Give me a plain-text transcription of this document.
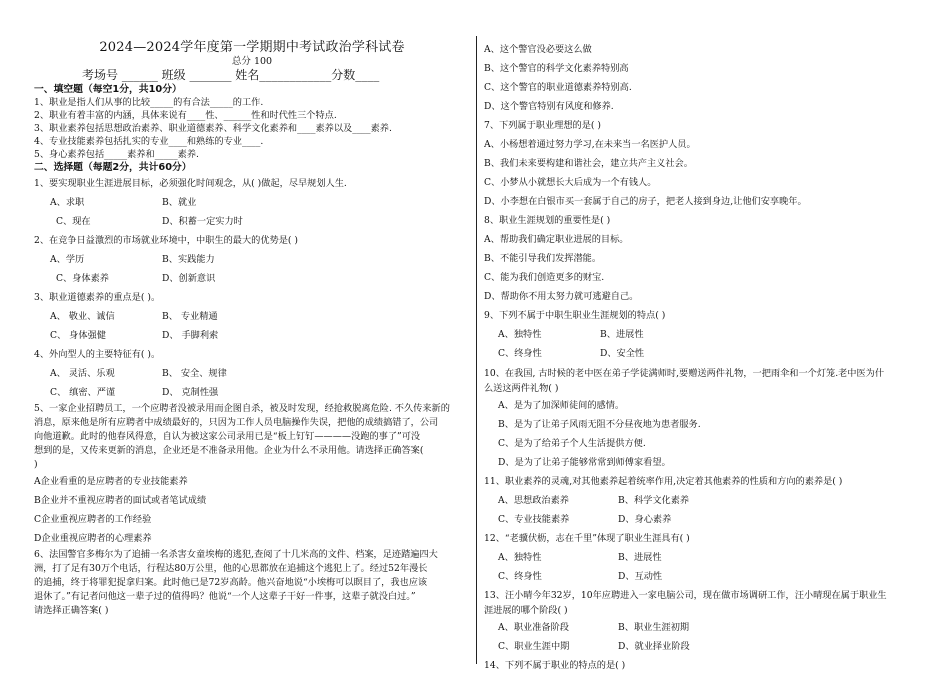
2024—2024学年度第一学期期中考试政治学科试卷
总分 100
考场号 ______ 班级 _______ 姓名____________分数____
一、填空题（每空1分，共10分）
1、职业是指人们从事的比较_____的有合法_____的工作.
2、职业有着丰富的内涵，具体来说有____性、______性和时代性三个特点.
3、职业素养包括思想政治素养、职业道德素养、科学文化素养和____素养以及____素养.
4、专业技能素养包括扎实的专业____和熟练的专业____.
5、身心素养包括_____素养和_____素养.
二、选择题（每题2分，共计60分）
1、要实现职业生涯进展目标，必须强化时间观念，从( )做起，尽早规划人生.
A、求职	B、就业
C、现在	D、积蓄一定实力时
2、在竞争日益激烈的市场就业环境中，中职生的最大的优势是( )
A、学历	B、实践能力
C、身体素养	D、创新意识
3、职业道德素养的重点是( )。
A、 敬业、诚信	B、 专业精通
C、 身体强健	D、 手脚利索
4、外向型人的主要特征有( )。
A、 灵活、乐观	B、 安全、规律
C、 缜密、严谨	D、 克制性强
5、一家企业招聘员工，一个应聘者没被录用而企图自杀，被及时发现，经抢救脱离危险. 不久传来新的
消息，原来他是所有应聘者中成绩最好的，只因为工作人员电脑操作失误，把他的成绩搞错了，公司
向他道歉。此时的他春风得意，自认为被这家公司录用已是“板上钉钉————没跑的事了”可没
想到的是，又传来更新的消息，企业还是不准备录用他。企业为什么不录用他。请选择正确答案(
)
A企业看重的是应聘者的专业技能素养
B企业并不重视应聘者的面试或者笔试成绩
C企业重视应聘者的工作经验
D企业重视应聘者的心理素养
6、法国警官多梅尔为了追捕一名杀害女童埃梅的逃犯,查阅了十几米高的文件、档案，足迹踏遍四大
洲，打了足有30万个电话，行程达80万公里，他的心思都放在追捕这个逃犯上了。经过52年漫长
的追捕，终于将罪犯捉拿归案。此时他已是72岁高龄。他兴奋地说“小埃梅可以瞑目了，我也应该
退休了。”有记者问他这一辈子过的值得吗？他说“一个人这辈子干好一件事，这辈子就没白过。”
请选择正确答案( )
A、这个警官没必要这么做
B、这个警官的科学文化素养特别高
C、这个警官的职业道德素养特别高.
D、这个警官特别有风度和修养.
7、下列属于职业理想的是( )
A、小杨想着通过努力学习,在未来当一名医护人员。
B、我们未来要构建和谐社会，建立共产主义社会。
C、小梦从小就想长大后成为一个有钱人。
D、小李想在白银市买一套属于自己的房子，把老人接到身边,让他们安享晚年。
8、职业生涯规划的重要性是( )
A、帮助我们确定职业进展的目标。
B、不能引导我们发挥潜能。
C、能为我们创造更多的财宝.
D、帮助你不用太努力就可逃避自己。
9、下列不属于中职生职业生涯规划的特点( )
A、独特性	B、进展性
C、终身性	D、安全性
10、在我国, 古时候的老中医在弟子学徒满师时,要赠送两件礼物，一把雨伞和一个灯笼.老中医为什
么送这两件礼物( )
A、是为了加深师徒间的感情。
B、是为了让弟子风雨无阻不分昼夜地为患者服务.
C、是为了给弟子个人生活提供方便.
D、是为了让弟子能够常常到师傅家看望。
11、职业素养的灵魂,对其他素养起着统率作用,决定着其他素养的性质和方向的素养是( )
A、思想政治素养	B、科学文化素养
C、专业技能素养	D、身心素养
12、“老骥伏枥，志在千里”体现了职业生涯具有( )
A、独特性	B、进展性
C、终身性	D、互动性
13、汪小晴今年32岁，10年应聘进入一家电脑公司，现在做市场调研工作，汪小晴现在属于职业生
涯进展的哪个阶段( )
A、职业准备阶段	B、职业生涯初期
C、职业生涯中期	D、就业择业阶段
14、下列不属于职业的特点的是( )
